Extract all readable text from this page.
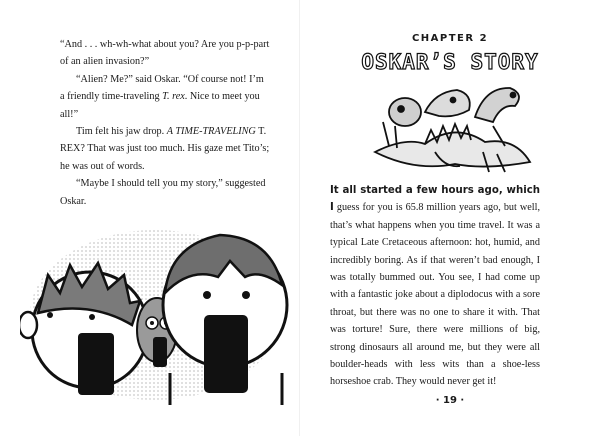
“And . . . wh-wh-what about you? Are you p-p-part of an alien invasion?”

“Alien? Me?” said Oskar. “Of course not! I’m a friendly time-traveling T. rex. Nice to meet you all!”

Tim felt his jaw drop. A TIME-TRAVELING T. REX? That was just too much. His gaze met Tito’s; he was out of words.

“Maybe I should tell you my story,” suggested Oskar.

CHAPTER 2
OSKAR’S STORY
It all started a few hours ago, which I guess for you is 65.8 million years ago, but well, that’s what happens when you time travel. It was a typical Late Cretaceous afternoon: hot, humid, and incredibly boring. As if that weren’t bad enough, I was totally bummed out. You see, I had come up with a fantastic joke about a diplodocus with a sore throat, but there was no one to share it with. That was torture! Sure, there were millions of big, strong dinosaurs all around me, but they were all boulder-heads with less wits than a shoe-less horseshoe crab. They would never get it!
· 19 ·
